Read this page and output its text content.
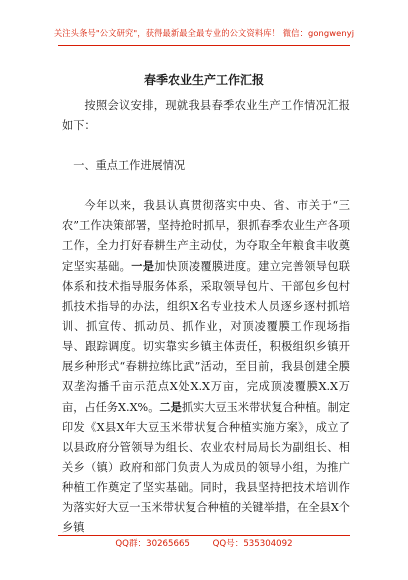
关注头条号"公文研究"，获得最新最全最专业的公文资料库！ 微信：gongwenyj
春季农业生产工作汇报

按照会议安排，现就我县春季农业生产工作情况汇报如下：

一、重点工作进展情况

今年以来，我县认真贯彻落实中央、省、市关于“三农”工作决策部署，坚持抢时抓早，狠抓春季农业生产各项工作，全力打好春耕生产主动仗，为夺取全年粮食丰收奠定坚实基础。一是加快顶凌覆膜进度。建立完善领导包联体系和技术指导服务体系，采取领导包片、干部包乡包村抓技术指导的办法，组织X名专业技术人员逐乡逐村抓培训、抓宣传、抓动员、抓作业，对顶凌覆膜工作现场指导、跟踪调度。切实靠实乡镇主体责任，积极组织乡镇开展乡种形式“春耕拉练比武”活动，至目前，我县创建全膜双垄沟播千亩示范点X处X.X万亩，完成顶凌覆膜X.X万亩，占任务X.X%。二是抓实大豆玉米带状复合种植。制定印发《X县X年大豆玉米带状复合种植实施方案》，成立了以县政府分管领导为组长、农业农村局局长为副组长、相关乡（镇）政府和部门负责人为成员的领导小组，为推广种植工作奠定了坚实基础。同时，我县坚持把技术培训作为落实好大豆一玉米带状复合种植的关键举措，在全县X个乡镇

QQ群：30265665	QQ号：535304092
